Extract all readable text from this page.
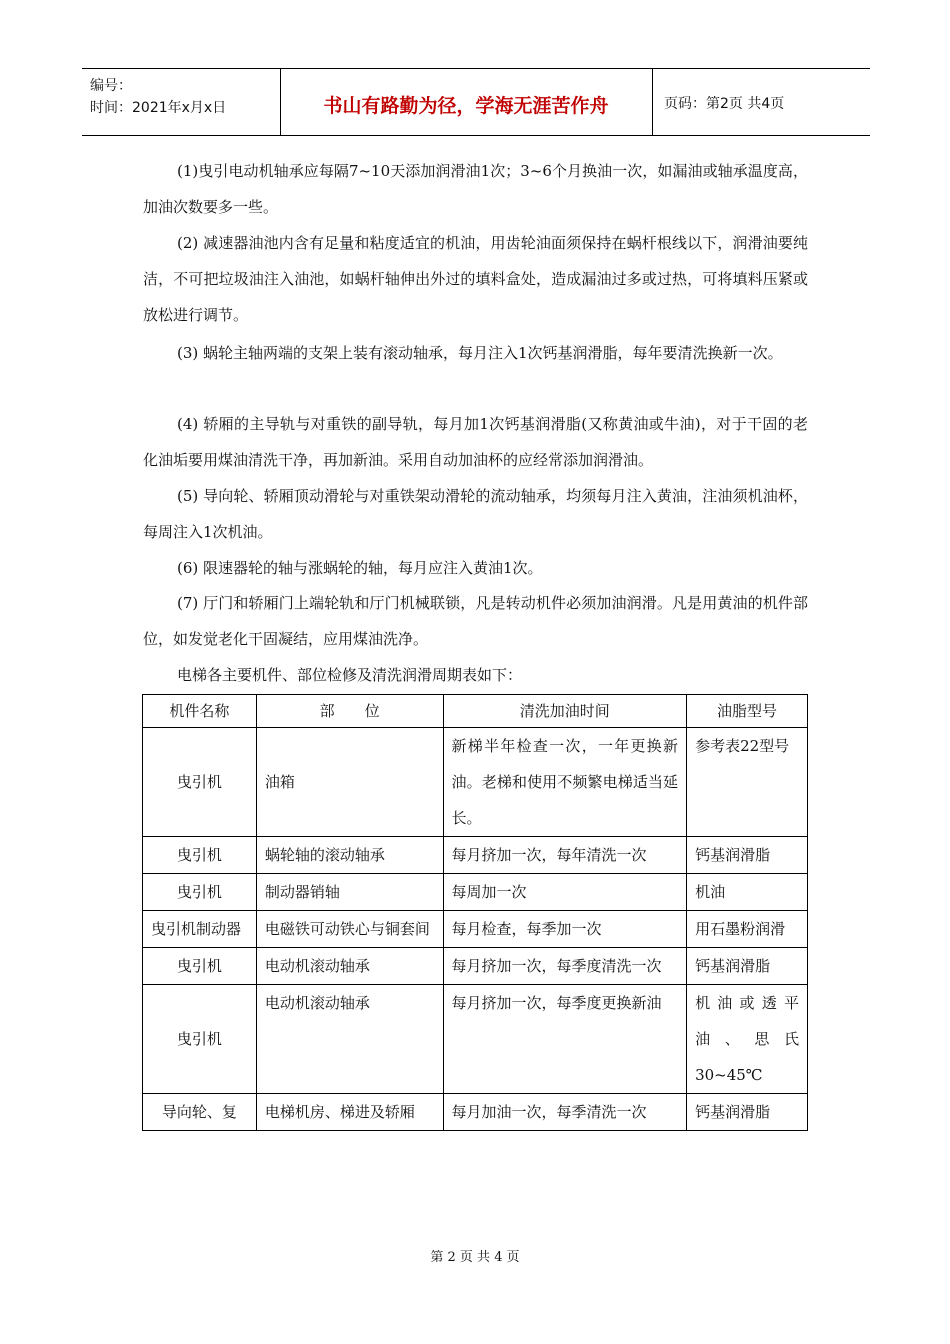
编号：
时间：2021年x月x日	书山有路勤为径，学海无涯苦作舟	页码：第2页 共4页

(1)曳引电动机轴承应每隔7~10天添加润滑油1次；3~6个月换油一次，如漏油或轴承温度高，加油次数要多一些。

(2) 减速器油池内含有足量和粘度适宜的机油，用齿轮油面须保持在蜗杆根线以下，润滑油要纯洁，不可把垃圾油注入油池，如蜗杆轴伸出外过的填料盒处，造成漏油过多或过热，可将填料压紧或放松进行调节。

(3) 蜗轮主轴两端的支架上装有滚动轴承，每月注入1次钙基润滑脂，每年要清洗换新一次。

(4) 轿厢的主导轨与对重铁的副导轨，每月加1次钙基润滑脂(又称黄油或牛油)，对于干固的老化油垢要用煤油清洗干净，再加新油。采用自动加油杯的应经常添加润滑油。

(5) 导向轮、轿厢顶动滑轮与对重铁架动滑轮的流动轴承，均须每月注入黄油，注油须机油杯，每周注入1次机油。

(6) 限速器轮的轴与涨蜗轮的轴，每月应注入黄油1次。

(7) 厅门和轿厢门上端轮轨和厅门机械联锁，凡是转动机件必须加油润滑。凡是用黄油的机件部位，如发觉老化干固凝结，应用煤油洗净。

电梯各主要机件、部位检修及清洗润滑周期表如下：

机件名称	部　　位	清洗加油时间	油脂型号
曳引机	油箱	新梯半年检查一次，一年更换新油。老梯和使用不频繁电梯适当延长。	参考表22型号
曳引机	蜗轮轴的滚动轴承	每月挤加一次，每年清洗一次	钙基润滑脂
曳引机	制动器销轴	每周加一次	机油
曳引机制动器	电磁铁可动铁心与铜套间	每月检查，每季加一次	用石墨粉润滑
曳引机	电动机滚动轴承	每月挤加一次，每季度清洗一次	钙基润滑脂
曳引机	电动机滚动轴承	每月挤加一次，每季度更换新油	机油或透平油、思氏30~45℃
导向轮、复	电梯机房、梯进及轿厢	每月加油一次，每季清洗一次	钙基润滑脂
第 2 页 共 4 页
